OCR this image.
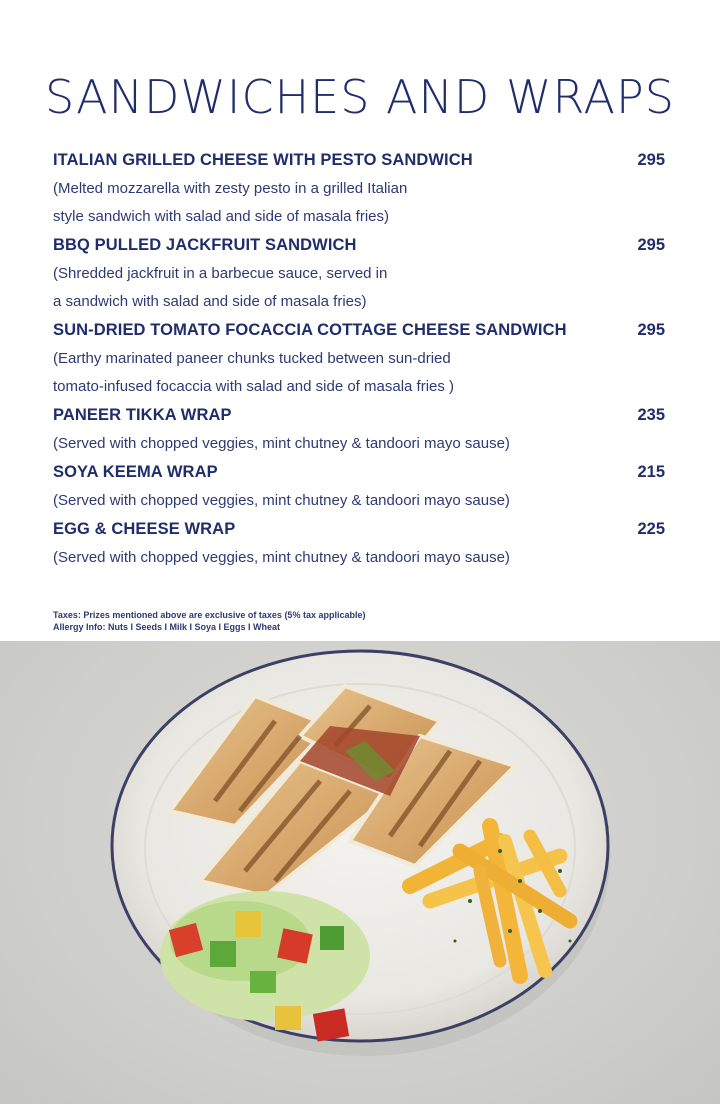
SANDWICHES AND WRAPS
ITALIAN GRILLED CHEESE WITH PESTO SANDWICH	295
(Melted mozzarella with zesty pesto in a grilled Italian
style sandwich with salad and side of masala fries)
BBQ PULLED JACKFRUIT SANDWICH	295
(Shredded jackfruit in a barbecue sauce, served in
a sandwich with salad and side of masala fries)
SUN-DRIED TOMATO FOCACCIA COTTAGE CHEESE SANDWICH	295
(Earthy marinated paneer chunks tucked between sun-dried
tomato-infused focaccia with salad and side of masala fries )
PANEER TIKKA WRAP	235
(Served with chopped veggies, mint chutney & tandoori mayo sause)
SOYA KEEMA WRAP	215
(Served with chopped veggies, mint chutney & tandoori mayo sause)
EGG & CHEESE WRAP	225
(Served with chopped veggies, mint chutney & tandoori mayo sause)
Taxes: Prizes mentioned above are exclusive of taxes (5% tax applicable)
Allergy Info: Nuts I Seeds I Milk I Soya I Eggs I Wheat
